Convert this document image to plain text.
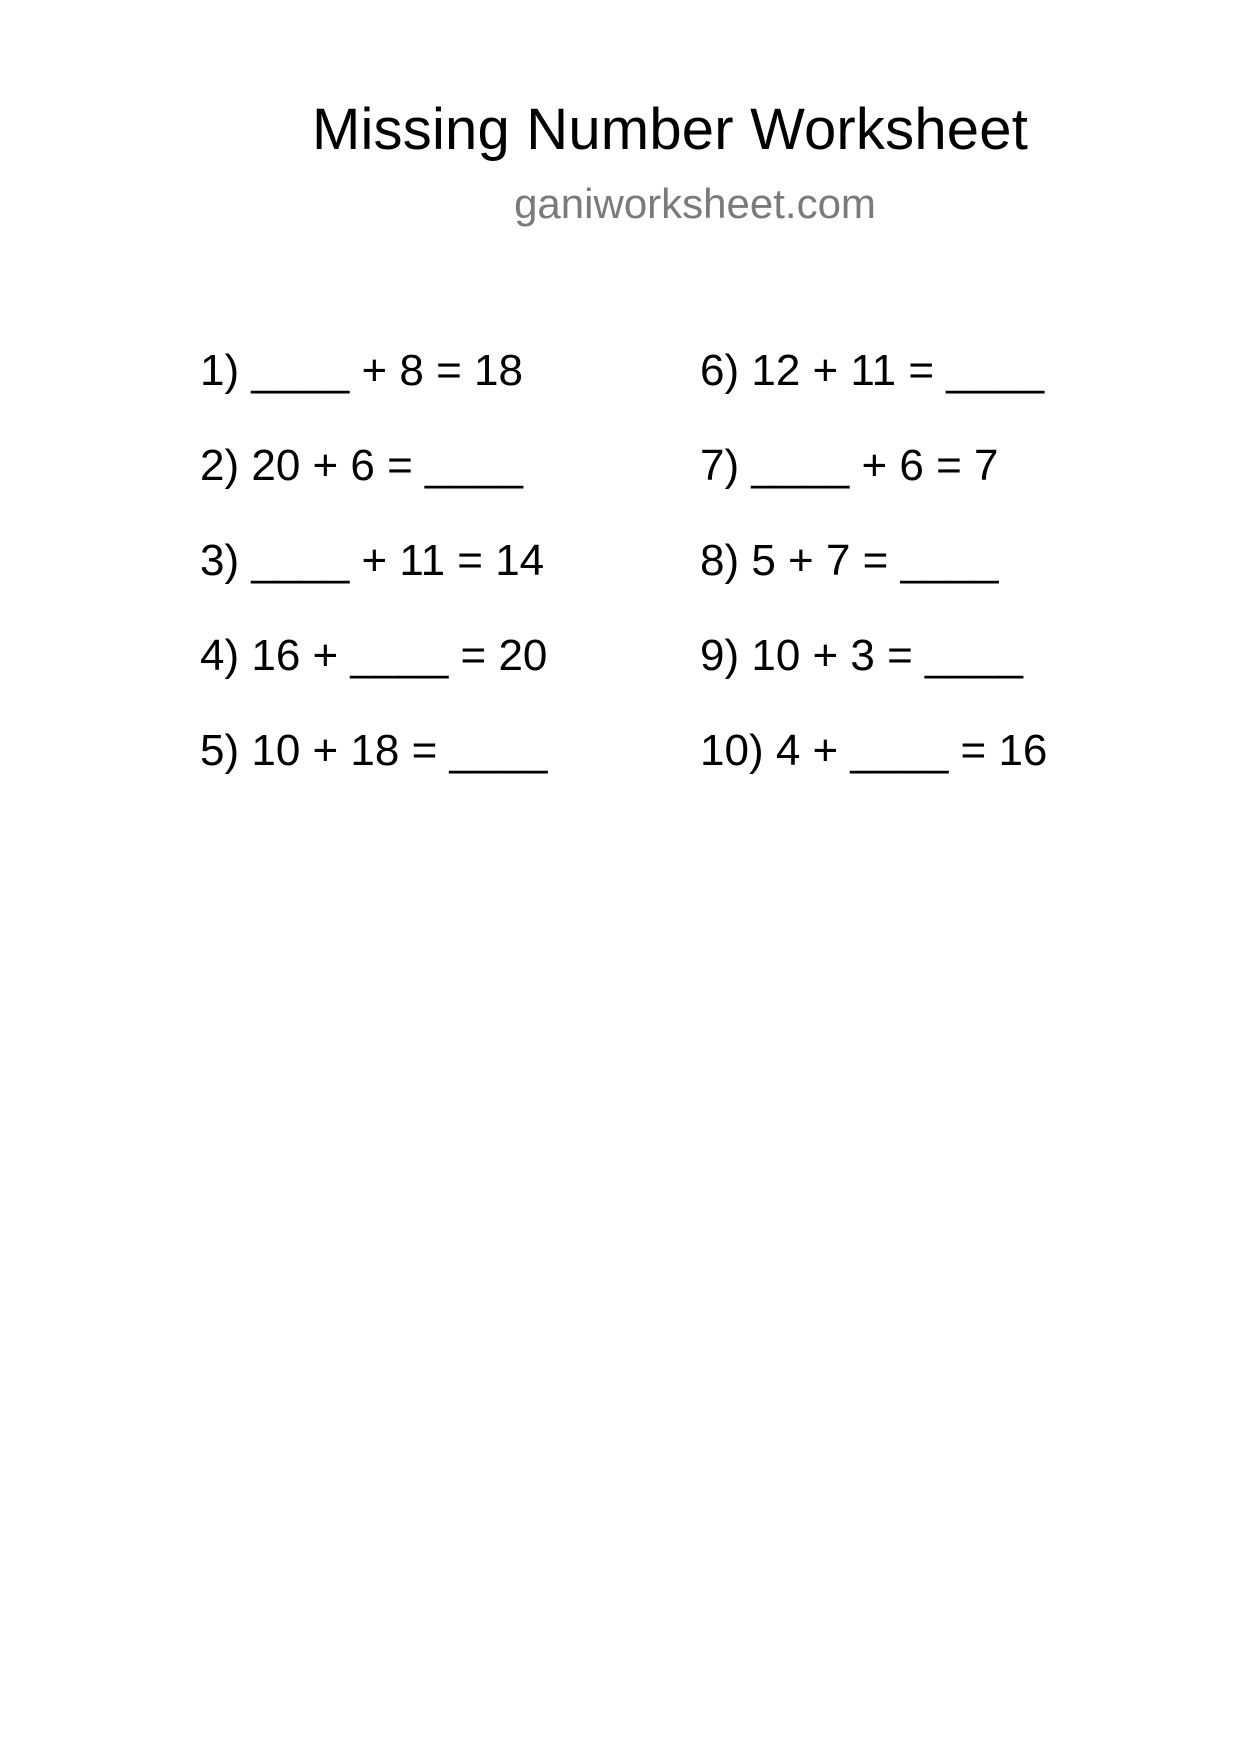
Missing Number Worksheet
ganiworksheet.com
1) ____ + 8 = 18
2) 20 + 6 = ____
3) ____ + 11 = 14
4) 16 + ____ = 20
5) 10 + 18 = ____
6) 12 + 11 = ____
7) ____ + 6 = 7
8) 5 + 7 = ____
9) 10 + 3 = ____
10) 4 + ____ = 16
